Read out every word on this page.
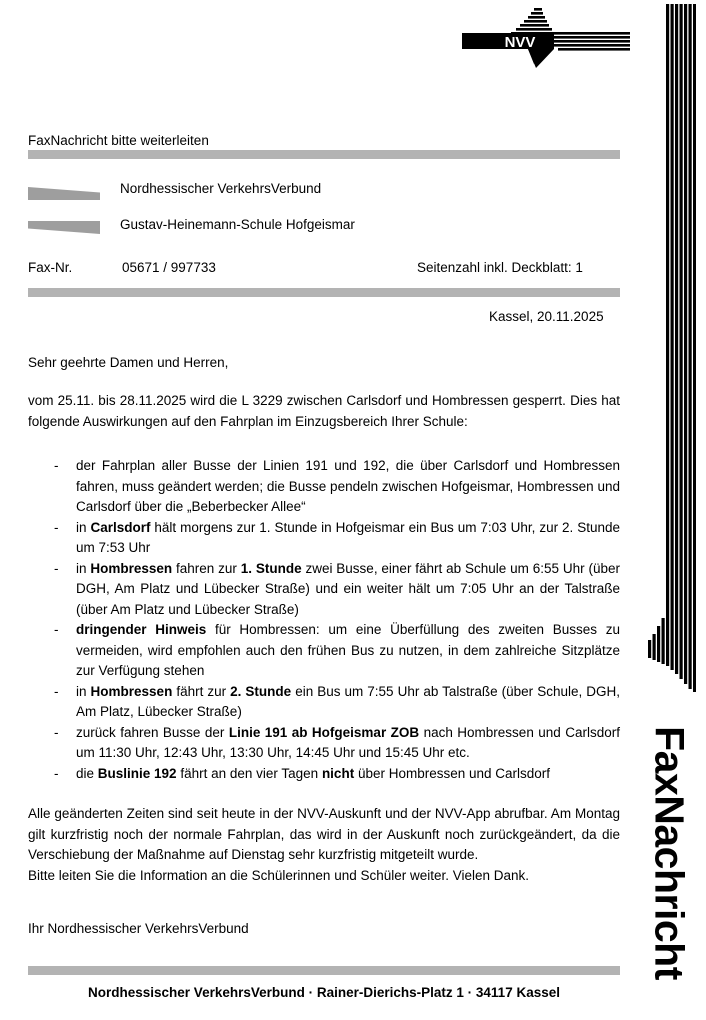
NVV
FaxNachricht
FaxNachricht bitte weiterleiten
Nordhessischer VerkehrsVerbund
Gustav-Heinemann-Schule Hofgeismar
Fax-Nr.	05671 / 997733	Seitenzahl inkl. Deckblatt: 1
Kassel, 20.11.2025
Sehr geehrte Damen und Herren,
vom 25.11. bis 28.11.2025 wird die L 3229 zwischen Carlsdorf und Hombressen gesperrt. Dies hat folgende Auswirkungen auf den Fahrplan im Einzugsbereich Ihrer Schule:
- der Fahrplan aller Busse der Linien 191 und 192, die über Carlsdorf und Hombressen fahren, muss geändert werden; die Busse pendeln zwischen Hofgeismar, Hombressen und Carlsdorf über die „Beberbecker Allee“
- in Carlsdorf hält morgens zur 1. Stunde in Hofgeismar ein Bus um 7:03 Uhr, zur 2. Stunde um 7:53 Uhr
- in Hombressen fahren zur 1. Stunde zwei Busse, einer fährt ab Schule um 6:55 Uhr (über DGH, Am Platz und Lübecker Straße) und ein weiter hält um 7:05 Uhr an der Talstraße (über Am Platz und Lübecker Straße)
- dringender Hinweis für Hombressen: um eine Überfüllung des zweiten Busses zu vermeiden, wird empfohlen auch den frühen Bus zu nutzen, in dem zahlreiche Sitzplätze zur Verfügung stehen
- in Hombressen fährt zur 2. Stunde ein Bus um 7:55 Uhr ab Talstraße (über Schule, DGH, Am Platz, Lübecker Straße)
- zurück fahren Busse der Linie 191 ab Hofgeismar ZOB nach Hombressen und Carlsdorf um 11:30 Uhr, 12:43 Uhr, 13:30 Uhr, 14:45 Uhr und 15:45 Uhr etc.
- die Buslinie 192 fährt an den vier Tagen nicht über Hombressen und Carlsdorf
Alle geänderten Zeiten sind seit heute in der NVV-Auskunft und der NVV-App abrufbar. Am Montag gilt kurzfristig noch der normale Fahrplan, das wird in der Auskunft noch zurückgeändert, da die Verschiebung der Maßnahme auf Dienstag sehr kurzfristig mitgeteilt wurde.
Bitte leiten Sie die Information an die Schülerinnen und Schüler weiter. Vielen Dank.
Ihr Nordhessischer VerkehrsVerbund
Nordhessischer VerkehrsVerbund · Rainer-Dierichs-Platz 1 · 34117 Kassel
